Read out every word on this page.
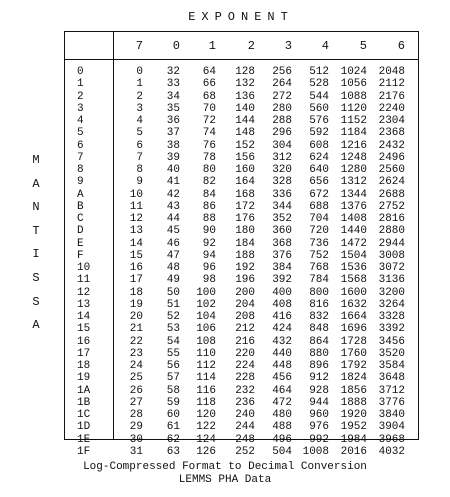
EXPONENT
M
A
N
T
I
S
S
A
7 0 1	2 3 4	5	6
0	0 32 64 128 256 512 1024 2048
1	1 33 66 132 264 528 1056 2112
2	2 34 68 136 272 544 1088 2176
3	3 35 70 140 280 560 1120 2240
4	4 36 72 144 288 576 1152 2304
5	5 37 74 148 296 592 1184 2368
6	6 38 76 152 304 608 1216 2432
7	7 39 78 156 312 624 1248 2496
8	8 40 80 160 320 640 1280 2560
9	9 41 82 164 328 656 1312 2624
A	10 42 84 168 336 672 1344 2688
B	11 43 86 172 344 688 1376 2752
C	12 44 88 176 352 704 1408 2816
D	13 45 90 180 360 720 1440 2880
E	14 46 92 184 368 736 1472 2944
F	15 47 94 188 376 752 1504 3008
10	16 48 96 192 384 768 1536 3072
11	17 49 98 196 392 784 1568 3136
12	18 50 100 200 400 800 1600 3200
13	19 51 102 204 408 816 1632 3264
14	20 52 104 208 416 832 1664 3328
15	21 53 106 212 424 848 1696 3392
16	22 54 108 216 432 864 1728 3456
17	23 55 110 220 440 880 1760 3520
18	24 56 112 224 448 896 1792 3584
19	25 57 114 228 456 912 1824 3648
1A	26 58 116 232 464 928 1856 3712
1B	27 59 118 236 472 944 1888 3776
1C	28 60 120 240 480 960 1920 3840
1D	29 61 122 244 488 976 1952 3904
1E	30 62 124 248 496 992 1984 3968
1F	31 63 126 252 504 1008 2016 4032
Log-Compressed Format to Decimal Conversion
LEMMS PHA Data
